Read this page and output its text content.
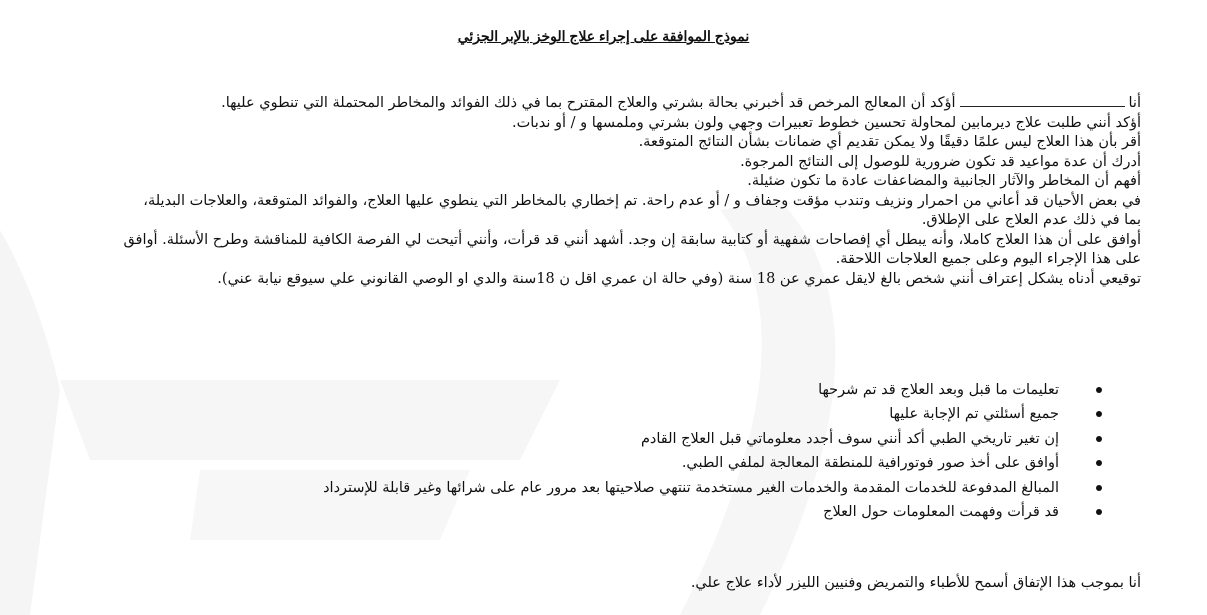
نموذج الموافقة على إجراء علاج الوخز بالإبر الجزئي
أناأؤكد أن المعالج المرخص قد أخبرني بحالة بشرتي والعلاج المقترح بما في ذلك الفوائد والمخاطر المحتملة التي تنطوي عليها.
أؤكد أنني طلبت علاج ديرمابين لمحاولة تحسين خطوط تعبيرات وجهي ولون بشرتي وملمسها و / أو ندبات.
أقر بأن هذا العلاج ليس علمًا دقيقًا ولا يمكن تقديم أي ضمانات بشأن النتائج المتوقعة.
أدرك أن عدة مواعيد قد تكون ضرورية للوصول إلى النتائج المرجوة.
أفهم أن المخاطر والآثار الجانبية والمضاعفات عادة ما تكون ضئيلة.
في بعض الأحيان قد أعاني من احمرار ونزيف وتندب مؤقت وجفاف و / أو عدم راحة. تم إخطاري بالمخاطر التي ينطوي عليها العلاج، والفوائد المتوقعة، والعلاجات البديلة،
بما في ذلك عدم العلاج على الإطلاق.
أوافق على أن هذا العلاج كاملا، وأنه يبطل أي إفصاحات شفهية أو كتابية سابقة إن وجد. أشهد أنني قد قرأت، وأنني أتيحت لي الفرصة الكافية للمناقشة وطرح الأسئلة. أوافق
على هذا الإجراء اليوم وعلى جميع العلاجات اللاحقة.
توقيعي أدناه يشكل إعتراف أنني شخص بالغ لايقل عمري عن 18 سنة (وفي حالة ان عمري اقل ن 18سنة والدي او الوصي القانوني علي سيوقع نيابة عني).
تعليمات ما قبل وبعد العلاج قد تم شرحها
جميع أسئلتي تم الإجابة عليها
إن تغير تاريخي الطبي أكد أنني سوف أجدد معلوماتي قبل العلاج القادم
أوافق على أخذ صور فوتورافية للمنطقة المعالجة لملفي الطبي.
المبالغ المدفوعة للخدمات المقدمة والخدمات الغير مستخدمة تنتهي صلاحيتها بعد مرور عام على شرائها وغير قابلة للإسترداد
قد قرأت وفهمت المعلومات حول العلاج
أنا بموجب هذا الإتفاق أسمح للأطباء والتمريض وفنيين الليزر لأداء علاج علي.
